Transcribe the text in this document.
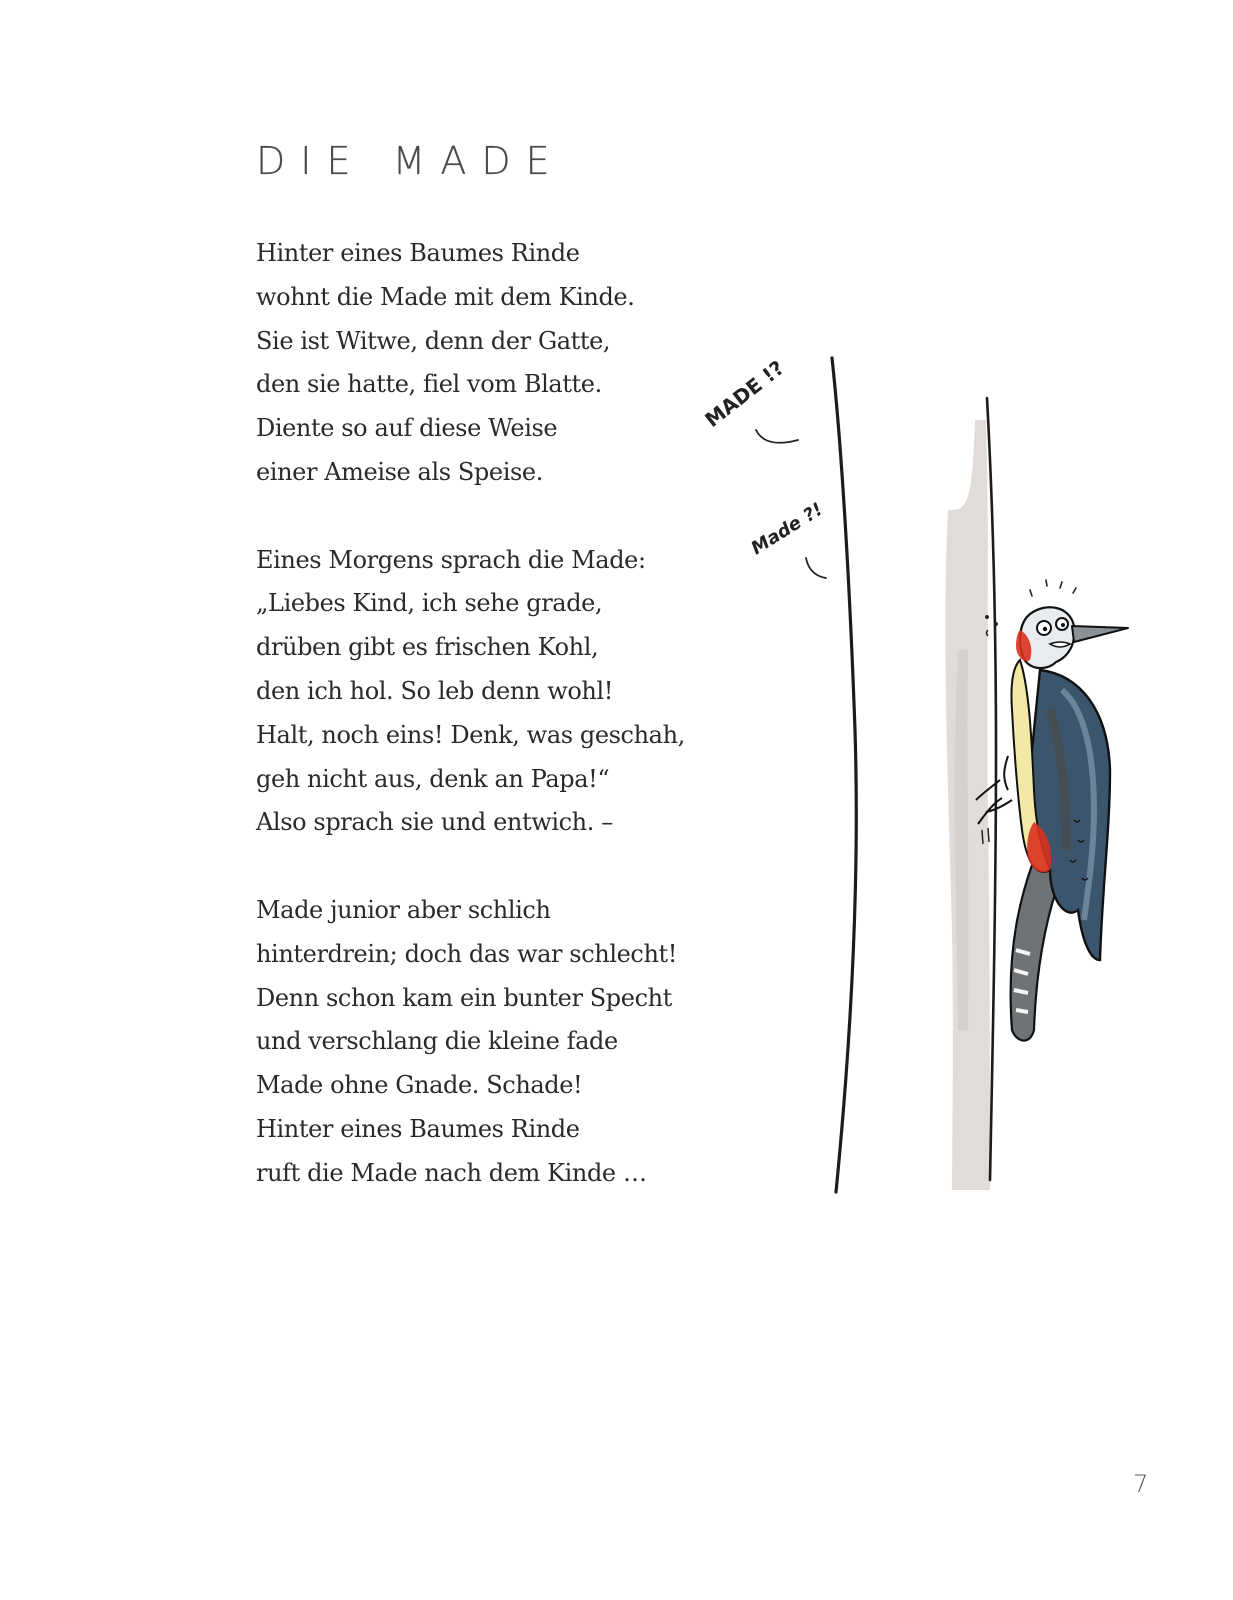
DIE MADE
Hinter eines Baumes Rinde
wohnt die Made mit dem Kinde.
Sie ist Witwe, denn der Gatte,
den sie hatte, fiel vom Blatte.
Diente so auf diese Weise
einer Ameise als Speise.
Eines Morgens sprach die Made:
„Liebes Kind, ich sehe grade,
drüben gibt es frischen Kohl,
den ich hol. So leb denn wohl!
Halt, noch eins! Denk, was geschah,
geh nicht aus, denk an Papa!“
Also sprach sie und entwich. –
Made junior aber schlich
hinterdrein; doch das war schlecht!
Denn schon kam ein bunter Specht
und verschlang die kleine fade
Made ohne Gnade. Schade!
Hinter eines Baumes Rinde
ruft die Made nach dem Kinde …
MADE !?
Made ?!
7
